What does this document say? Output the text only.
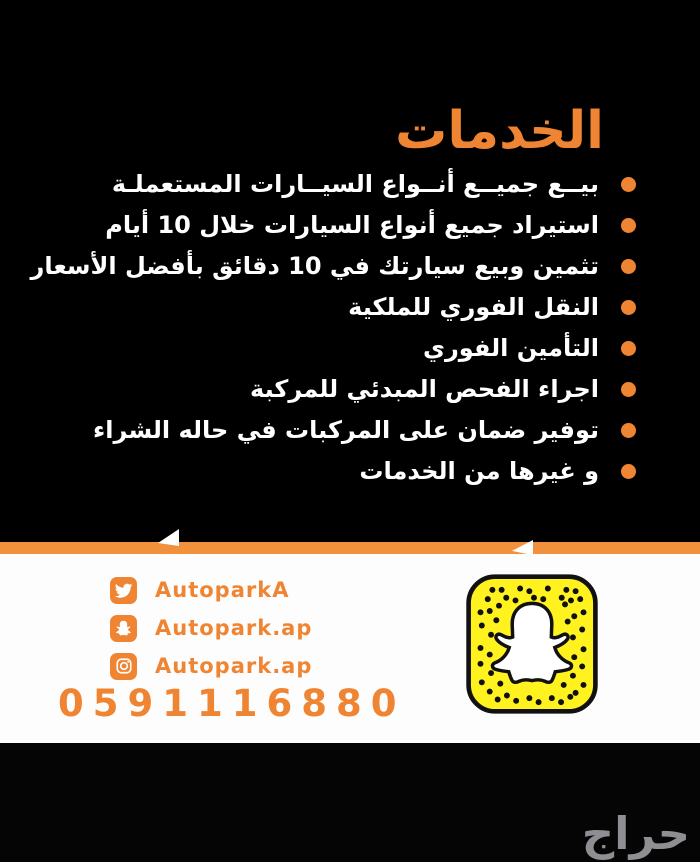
الخدمات
بيــع جميــع أنــواع السيــارات المستعملـة
استيراد جميع أنواع السيارات خلال 10 أيام
تثمين وبيع سيارتك في 10 دقائق بأفضل الأسعار
النقل الفوري للملكية
التأمين الفوري
اجراء الفحص المبدئي للمركبة
توفير ضمان على المركبات في حاله الشراء
و غيرها من الخدمات
AutoparkA
Autopark.ap
Autopark.ap
0591116880
حراج
